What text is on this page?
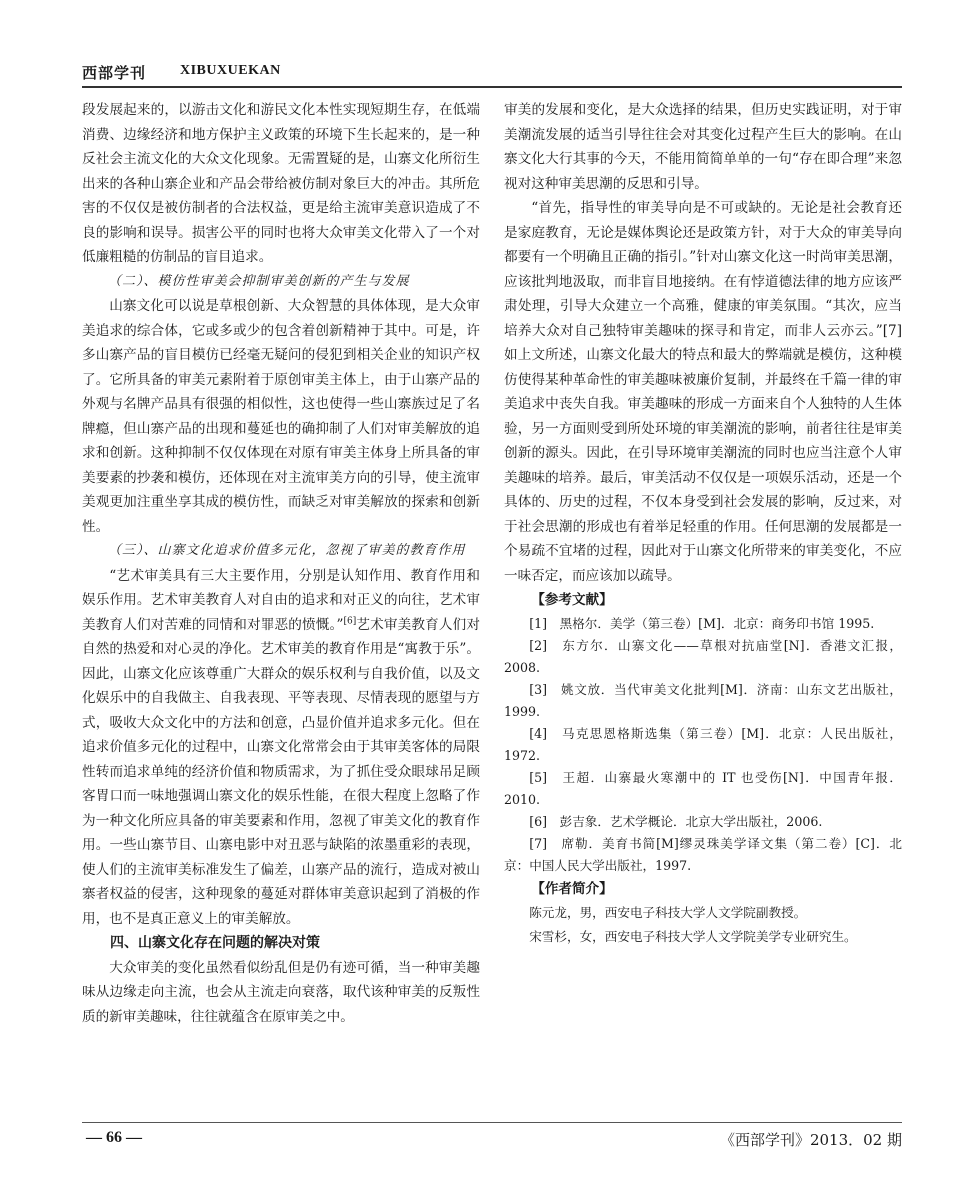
西部学刊 XIBUXUEKAN

段发展起来的，以游击文化和游民文化本性实现短期生存，在低端消费、边缘经济和地方保护主义政策的环境下生长起来的，是一种反社会主流文化的大众文化现象。无需置疑的是，山寨文化所衍生出来的各种山寨企业和产品会带给被仿制对象巨大的冲击。其所危害的不仅仅是被仿制者的合法权益，更是给主流审美意识造成了不良的影响和误导。损害公平的同时也将大众审美文化带入了一个对低廉粗糙的仿制品的盲目追求。

（二）、模仿性审美会抑制审美创新的产生与发展

山寨文化可以说是草根创新、大众智慧的具体体现，是大众审美追求的综合体，它或多或少的包含着创新精神于其中。可是，许多山寨产品的盲目模仿已经毫无疑问的侵犯到相关企业的知识产权了。它所具备的审美元素附着于原创审美主体上，由于山寨产品的外观与名牌产品具有很强的相似性，这也使得一些山寨族过足了名牌瘾，但山寨产品的出现和蔓延也的确抑制了人们对审美解放的追求和创新。这种抑制不仅仅体现在对原有审美主体身上所具备的审美要素的抄袭和模仿，还体现在对主流审美方向的引导，使主流审美观更加注重坐享其成的模仿性，而缺乏对审美解放的探索和创新性。

（三）、山寨文化追求价值多元化，忽视了审美的教育作用

“艺术审美具有三大主要作用，分别是认知作用、教育作用和娱乐作用。艺术审美教育人对自由的追求和对正义的向往，艺术审美教育人们对苦难的同情和对罪恶的愤慨。”[6]艺术审美教育人们对自然的热爱和对心灵的净化。艺术审美的教育作用是“寓教于乐”。因此，山寨文化应该尊重广大群众的娱乐权利与自我价值，以及文化娱乐中的自我做主、自我表现、平等表现、尽情表现的愿望与方式，吸收大众文化中的方法和创意，凸显价值并追求多元化。但在追求价值多元化的过程中，山寨文化常常会由于其审美客体的局限性转而追求单纯的经济价值和物质需求，为了抓住受众眼球吊足顾客胃口而一味地强调山寨文化的娱乐性能，在很大程度上忽略了作为一种文化所应具备的审美要素和作用，忽视了审美文化的教育作用。一些山寨节目、山寨电影中对丑恶与缺陷的浓墨重彩的表现，使人们的主流审美标准发生了偏差，山寨产品的流行，造成对被山寨者权益的侵害，这种现象的蔓延对群体审美意识起到了消极的作用，也不是真正意义上的审美解放。

四、山寨文化存在问题的解决对策

大众审美的变化虽然看似纷乱但是仍有迹可循，当一种审美趣味从边缘走向主流，也会从主流走向衰落，取代该种审美的反叛性质的新审美趣味，往往就蕴含在原审美之中。

审美的发展和变化，是大众选择的结果，但历史实践证明，对于审美潮流发展的适当引导往往会对其变化过程产生巨大的影响。在山寨文化大行其事的今天，不能用简简单单的一句“存在即合理”来忽视对这种审美思潮的反思和引导。

“首先，指导性的审美导向是不可或缺的。无论是社会教育还是家庭教育，无论是媒体舆论还是政策方针，对于大众的审美导向都要有一个明确且正确的指引。”针对山寨文化这一时尚审美思潮，应该批判地汲取，而非盲目地接纳。在有悖道德法律的地方应该严肃处理，引导大众建立一个高雅，健康的审美氛围。“其次，应当培养大众对自己独特审美趣味的探寻和肯定，而非人云亦云。”[7]如上文所述，山寨文化最大的特点和最大的弊端就是模仿，这种模仿使得某种革命性的审美趣味被廉价复制，并最终在千篇一律的审美追求中丧失自我。审美趣味的形成一方面来自个人独特的人生体验，另一方面则受到所处环境的审美潮流的影响，前者往往是审美创新的源头。因此，在引导环境审美潮流的同时也应当注意个人审美趣味的培养。最后，审美活动不仅仅是一项娱乐活动，还是一个具体的、历史的过程，不仅本身受到社会发展的影响，反过来，对于社会思潮的形成也有着举足轻重的作用。任何思潮的发展都是一个易疏不宜堵的过程，因此对于山寨文化所带来的审美变化，不应一味否定，而应该加以疏导。

【参考文献】

[1]　黑格尔．美学（第三卷）[M]．北京：商务印书馆 1995.

[2]　东方尔．山寨文化——草根对抗庙堂[N]．香港文汇报，2008.

[3]　姚文放．当代审美文化批判[M]．济南：山东文艺出版社，1999.

[4]　马克思恩格斯选集（第三卷）[M]．北京：人民出版社，1972.

[5]　王超．山寨最火寒潮中的 IT 也受伤[N]．中国青年报．2010.

[6]　彭吉象．艺术学概论．北京大学出版社，2006.

[7]　席勒．美育书简[M]缪灵珠美学译文集（第二卷）[C]．北京：中国人民大学出版社，1997.

【作者简介】

陈元龙，男，西安电子科技大学人文学院副教授。

宋雪杉，女，西安电子科技大学人文学院美学专业研究生。

— 66 —	《西部学刊》2013．02 期
